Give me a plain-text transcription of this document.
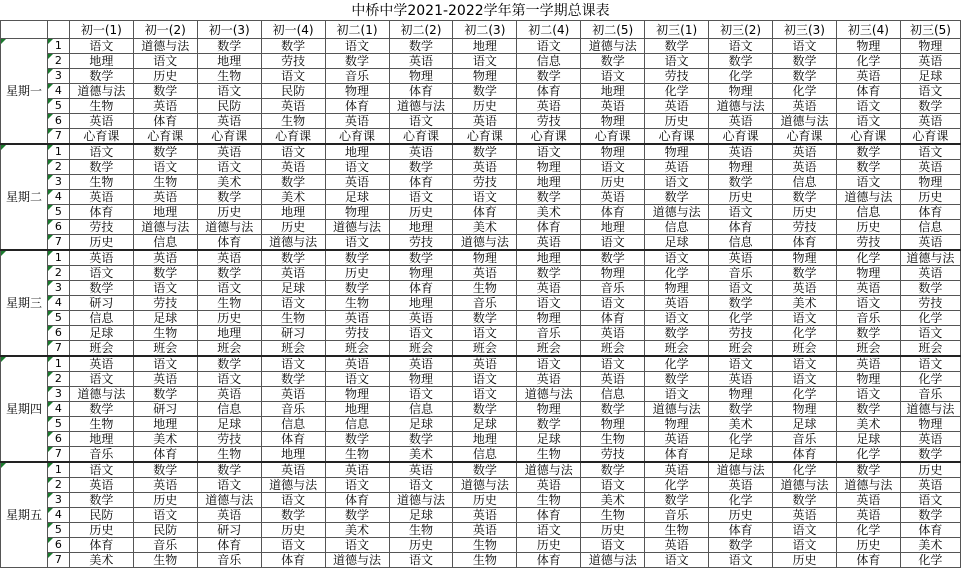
中桥中学2021-2022学年第一学期总课表
		初一(1)	初一(2)	初一(3)	初一(4)	初二(1)	初二(2)	初二(3)	初二(4)	初二(5)	初三(1)	初三(2)	初三(3)	初三(4)	初三(5)
星期一	1	语文	道德与法	数学	数学	语文	数学	地理	语文	道德与法	数学	语文	语文	物理	物理
	2	地理	语文	地理	劳技	数学	英语	语文	信息	数学	语文	数学	数学	化学	英语
	3	数学	历史	生物	语文	音乐	物理	物理	数学	语文	劳技	化学	数学	英语	足球
	4	道德与法	数学	语文	民防	物理	体育	数学	体育	地理	化学	物理	化学	体育	语文
	5	生物	英语	民防	英语	体育	道德与法	历史	英语	英语	英语	道德与法	英语	语文	数学
	6	英语	体育	英语	生物	英语	语文	英语	劳技	物理	历史	英语	道德与法	语文	英语
	7	心育课	心育课	心育课	心育课	心育课	心育课	心育课	心育课	心育课	心育课	心育课	心育课	心育课	心育课
星期二	1	语文	数学	英语	语文	地理	英语	数学	语文	物理	物理	英语	英语	数学	语文
	2	数学	语文	语文	英语	语文	数学	英语	物理	语文	英语	物理	英语	数学	英语
	3	生物	生物	美术	数学	英语	体育	劳技	地理	历史	语文	数学	信息	语文	物理
	4	英语	英语	数学	美术	足球	语文	语文	数学	英语	数学	历史	数学	道德与法	历史
	5	体育	地理	历史	地理	物理	历史	体育	美术	体育	道德与法	语文	历史	信息	体育
	6	劳技	道德与法	道德与法	历史	道德与法	地理	美术	体育	地理	信息	体育	劳技	历史	信息
	7	历史	信息	体育	道德与法	语文	劳技	道德与法	英语	语文	足球	信息	体育	劳技	英语
星期三	1	英语	英语	英语	数学	数学	数学	物理	地理	数学	语文	英语	物理	化学	道德与法
	2	语文	数学	数学	英语	历史	物理	英语	数学	物理	化学	音乐	数学	物理	英语
	3	数学	语文	语文	足球	数学	体育	生物	英语	音乐	物理	语文	英语	英语	数学
	4	研习	劳技	生物	语文	生物	地理	音乐	语文	语文	英语	数学	美术	语文	劳技
	5	信息	足球	历史	生物	英语	英语	数学	物理	体育	语文	化学	语文	音乐	化学
	6	足球	生物	地理	研习	劳技	语文	语文	音乐	英语	数学	劳技	化学	数学	语文
	7	班会	班会	班会	班会	班会	班会	班会	班会	班会	班会	班会	班会	班会	班会
星期四	1	英语	语文	数学	语文	英语	英语	英语	语文	语文	化学	语文	语文	英语	语文
	2	语文	英语	语文	数学	语文	物理	语文	英语	英语	数学	英语	语文	物理	化学
	3	道德与法	数学	英语	英语	物理	语文	语文	道德与法	信息	语文	物理	化学	语文	音乐
	4	数学	研习	信息	音乐	地理	信息	数学	物理	数学	道德与法	数学	物理	数学	道德与法
	5	生物	地理	足球	信息	信息	足球	足球	数学	物理	物理	美术	足球	美术	物理
	6	地理	美术	劳技	体育	数学	数学	地理	足球	生物	英语	化学	音乐	足球	英语
	7	音乐	体育	生物	地理	生物	美术	信息	生物	劳技	体育	足球	体育	化学	数学
星期五	1	语文	数学	数学	英语	英语	英语	数学	道德与法	数学	英语	道德与法	化学	数学	历史
	2	英语	英语	语文	道德与法	语文	语文	道德与法	英语	语文	化学	英语	道德与法	道德与法	英语
	3	数学	历史	道德与法	语文	体育	道德与法	历史	生物	美术	数学	化学	数学	英语	语文
	4	民防	语文	英语	数学	数学	足球	英语	体育	生物	音乐	历史	英语	英语	数学
	5	历史	民防	研习	历史	美术	生物	英语	语文	历史	生物	体育	语文	化学	体育
	6	体育	音乐	体育	语文	语文	历史	生物	历史	语文	英语	数学	语文	历史	美术
	7	美术	生物	音乐	体育	道德与法	语文	生物	体育	道德与法	语文	语文	历史	体育	化学
